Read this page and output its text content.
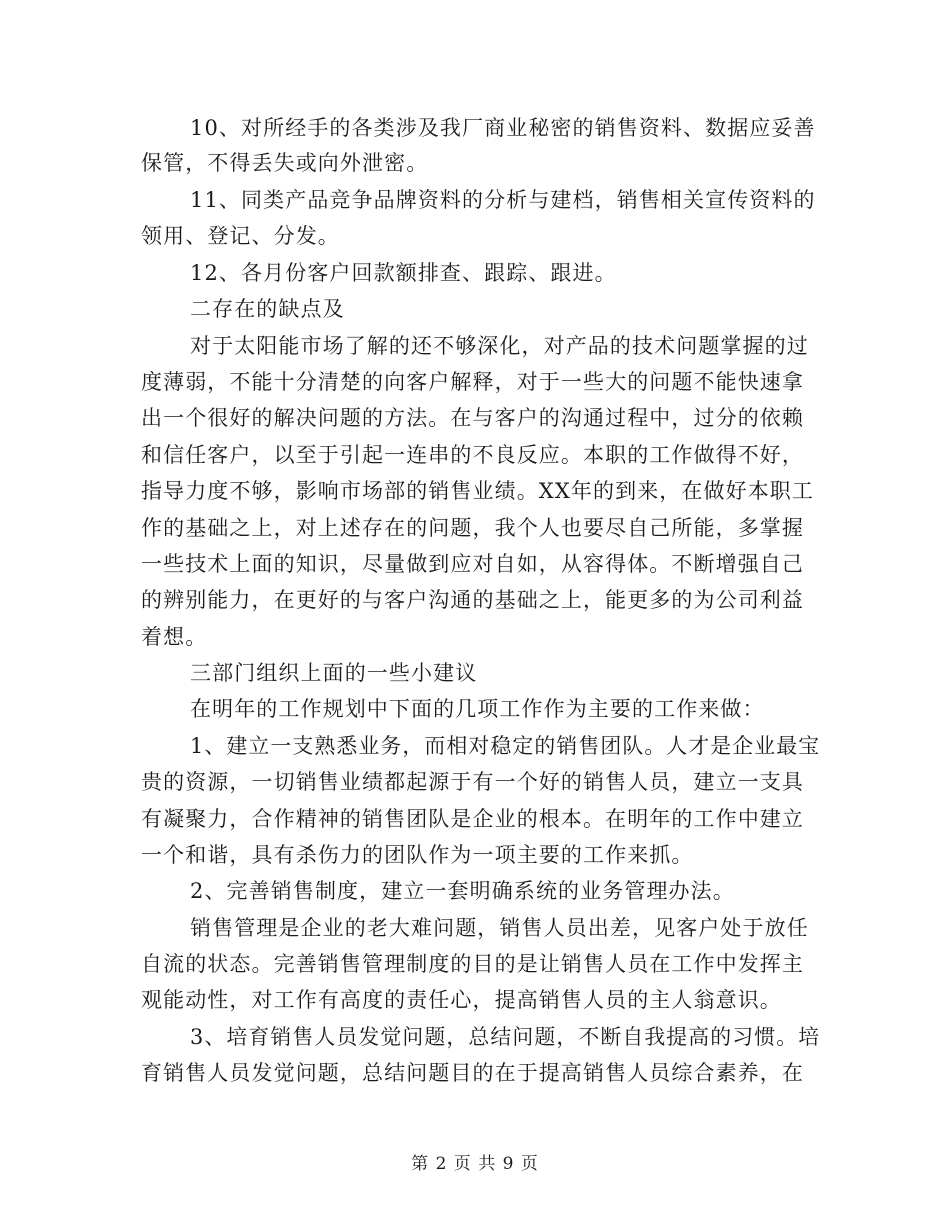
10、对所经手的各类涉及我厂商业秘密的销售资料、数据应妥善
保管，不得丢失或向外泄密。
11、同类产品竞争品牌资料的分析与建档，销售相关宣传资料的
领用、登记、分发。
12、各月份客户回款额排查、跟踪、跟进。
二存在的缺点及
对于太阳能市场了解的还不够深化，对产品的技术问题掌握的过
度薄弱，不能十分清楚的向客户解释，对于一些大的问题不能快速拿
出一个很好的解决问题的方法。在与客户的沟通过程中，过分的依赖
和信任客户，以至于引起一连串的不良反应。本职的工作做得不好，
指导力度不够，影响市场部的销售业绩。XX年的到来，在做好本职工
作的基础之上，对上述存在的问题，我个人也要尽自己所能，多掌握
一些技术上面的知识，尽量做到应对自如，从容得体。不断增强自己
的辨别能力，在更好的与客户沟通的基础之上，能更多的为公司利益
着想。
三部门组织上面的一些小建议
在明年的工作规划中下面的几项工作作为主要的工作来做：
1、建立一支熟悉业务，而相对稳定的销售团队。人才是企业最宝
贵的资源，一切销售业绩都起源于有一个好的销售人员，建立一支具
有凝聚力，合作精神的销售团队是企业的根本。在明年的工作中建立
一个和谐，具有杀伤力的团队作为一项主要的工作来抓。
2、完善销售制度，建立一套明确系统的业务管理办法。
销售管理是企业的老大难问题，销售人员出差，见客户处于放任
自流的状态。完善销售管理制度的目的是让销售人员在工作中发挥主
观能动性，对工作有高度的责任心，提高销售人员的主人翁意识。
3、培育销售人员发觉问题，总结问题，不断自我提高的习惯。培
育销售人员发觉问题，总结问题目的在于提高销售人员综合素养，在
第 2 页 共 9 页
